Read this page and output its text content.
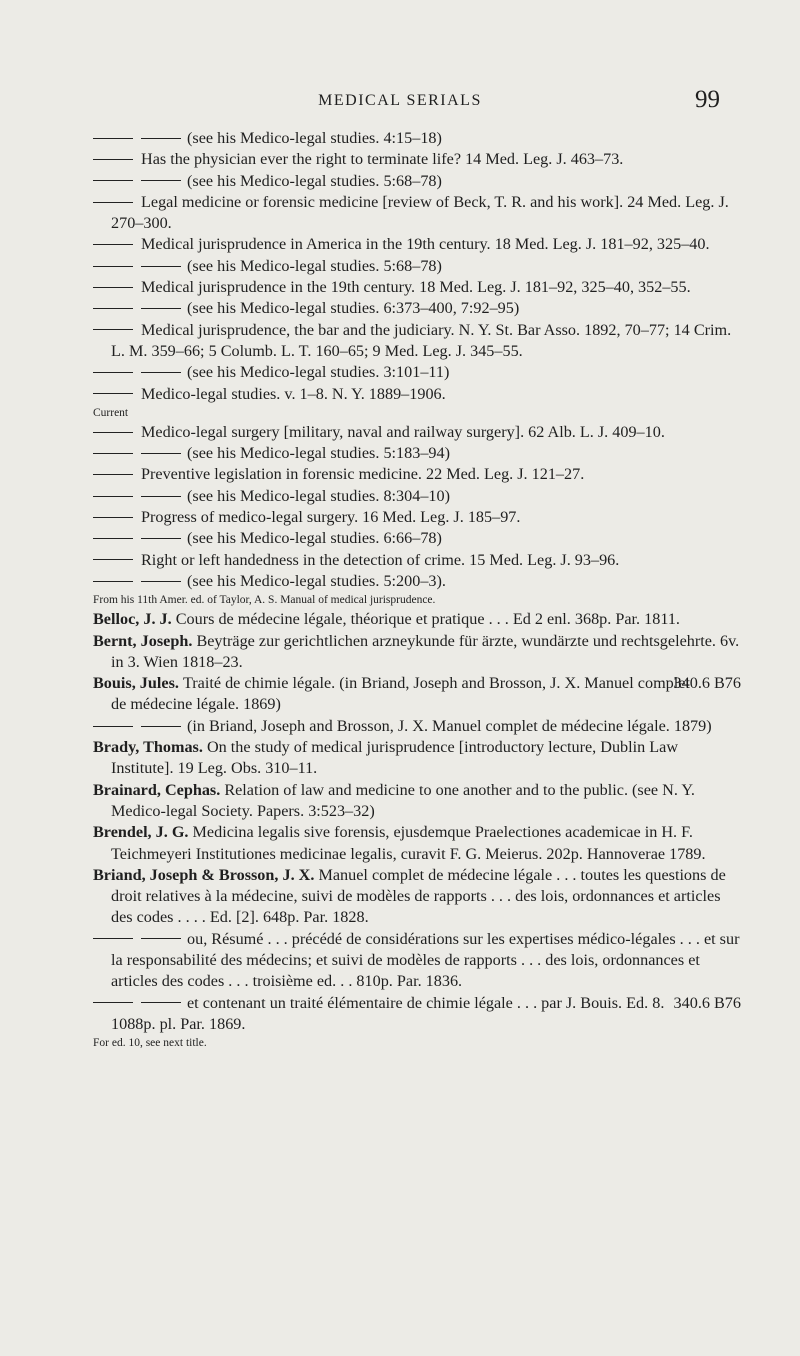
MEDICAL SERIALS	99

(see his Medico-legal studies. 4:15–18)

Has the physician ever the right to terminate life? 14 Med. Leg. J. 463–73.

(see his Medico-legal studies. 5:68–78)

Legal medicine or forensic medicine [review of Beck, T. R. and his work]. 24 Med. Leg. J. 270–300.

Medical jurisprudence in America in the 19th century. 18 Med. Leg. J. 181–92, 325–40.

(see his Medico-legal studies. 5:68–78)

Medical jurisprudence in the 19th century. 18 Med. Leg. J. 181–92, 325–40, 352–55.

(see his Medico-legal studies. 6:373–400, 7:92–95)

Medical jurisprudence, the bar and the judiciary. N. Y. St. Bar Asso. 1892, 70–77; 14 Crim. L. M. 359–66; 5 Columb. L. T. 160–65; 9 Med. Leg. J. 345–55.

(see his Medico-legal studies. 3:101–11)

Medico-legal studies. v. 1–8. N. Y. 1889–1906.

Current

Medico-legal surgery [military, naval and railway surgery]. 62 Alb. L. J. 409–10.

(see his Medico-legal studies. 5:183–94)

Preventive legislation in forensic medicine. 22 Med. Leg. J. 121–27.

(see his Medico-legal studies. 8:304–10)

Progress of medico-legal surgery. 16 Med. Leg. J. 185–97.

(see his Medico-legal studies. 6:66–78)

Right or left handedness in the detection of crime. 15 Med. Leg. J. 93–96.

(see his Medico-legal studies. 5:200–3).

From his 11th Amer. ed. of Taylor, A. S. Manual of medical jurisprudence.

Belloc, J. J. Cours de médecine légale, théorique et pratique . . . Ed 2 enl. 368p. Par. 1811.

Bernt, Joseph. Beyträge zur gerichtlichen arzneykunde für ärzte, wundärzte und rechtsgelehrte. 6v. in 3. Wien 1818–23.

Bouis, Jules.	340.6 B76
Traité de chimie légale. (in Briand, Joseph and Brosson, J. X. Manuel complet de médecine légale. 1869)

(in Briand, Joseph and Brosson, J. X. Manuel complet de médecine légale. 1879)

Brady, Thomas. On the study of medical jurisprudence [introductory lecture, Dublin Law Institute]. 19 Leg. Obs. 310–11.

Brainard, Cephas. Relation of law and medicine to one another and to the public. (see N. Y. Medico-legal Society. Papers. 3:523–32)

Brendel, J. G. Medicina legalis sive forensis, ejusdemque Praelectiones academicae in H. F. Teichmeyeri Institutiones medicinae legalis, curavit F. G. Meierus. 202p. Hannoverae 1789.

Briand, Joseph & Brosson, J. X. Manuel complet de médecine légale . . . toutes les questions de droit relatives à la médecine, suivi de modèles de rapports . . . des lois, ordonnances et articles des codes . . . . Ed. [2]. 648p. Par. 1828.

ou, Résumé . . . précédé de considérations sur les expertises médico-légales . . . et sur la responsabilité des médecins; et suivi de modèles de rapports . . . des lois, ordonnances et articles des codes . . . troisième ed. . . 810p. Par. 1836.

340.6 B76
et contenant un traité élémentaire de chimie légale . . . par J. Bouis. Ed. 8. 1088p. pl. Par. 1869.

For ed. 10, see next title.
